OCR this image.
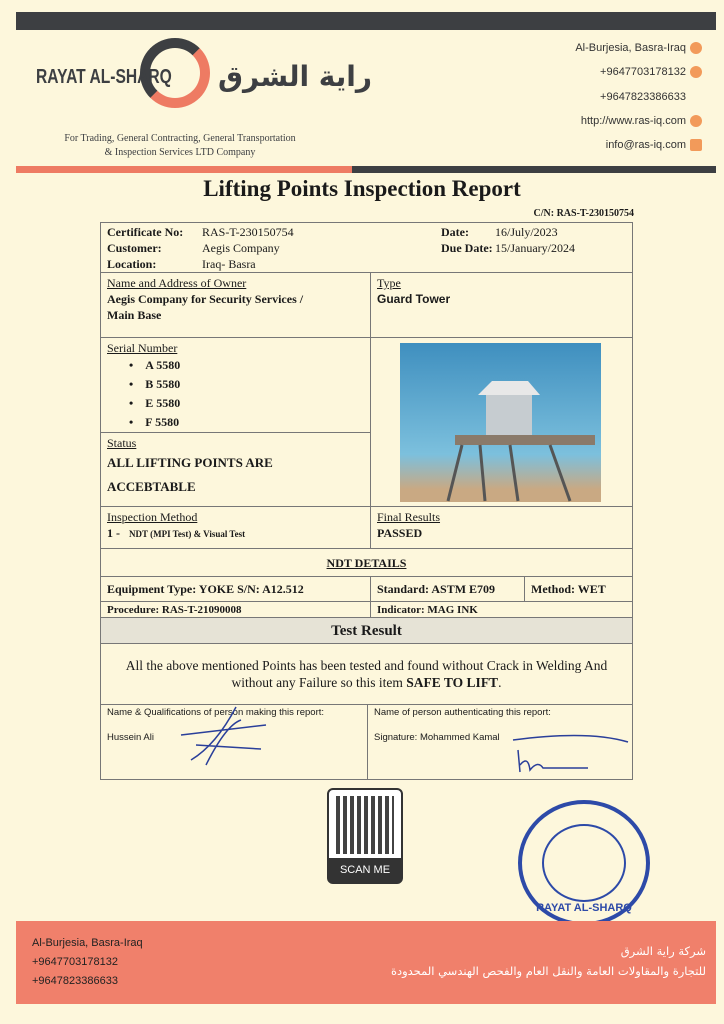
RAYAT AL-SHARQ راية الشرق
For Trading, General Contracting, General Transportation
& Inspection Services LTD Company
Al-Burjesia, Basra-Iraq
+9647703178132
+9647823386633
http://www.ras-iq.com
info@ras-iq.com
Lifting Points Inspection Report
C/N: RAS-T-230150754
Certificate No: RAS-T-230150754
Customer:	Aegis Company
Location:	Iraq- Basra
Date: 16/July/2023
Due Date: 15/January/2024
Name and Address of Owner
Aegis Company for Security Services /
Main Base
Type
Guard Tower
Serial Number
•    A 5580
•    B 5580
•    E 5580
•    F 5580
Status
ALL LIFTING POINTS ARE
ACCEBTABLE
Inspection Method
1 - NDT (MPI Test) & Visual Test
Final Results
PASSED
NDT DETAILS
Equipment Type: YOKE S/N: A12.512	Standard: ASTM E709	Method: WET
Procedure: RAS-T-21090008	Indicator: MAG INK
Test Result
All the above mentioned Points has been tested and found without Crack in Welding And
without any Failure so this item SAFE TO LIFT.
Name & Qualifications of person making this report:
Hussein Ali
Name of person authenticating this report:
Signature: Mohammed Kamal
SCAN ME
RAYAT AL-SHARQ
Al-Burjesia, Basra-Iraq
+9647703178132
+9647823386633
شركة راية الشرق
للتجارة والمقاولات العامة والنقل العام والفحص الهندسي المحدودة
